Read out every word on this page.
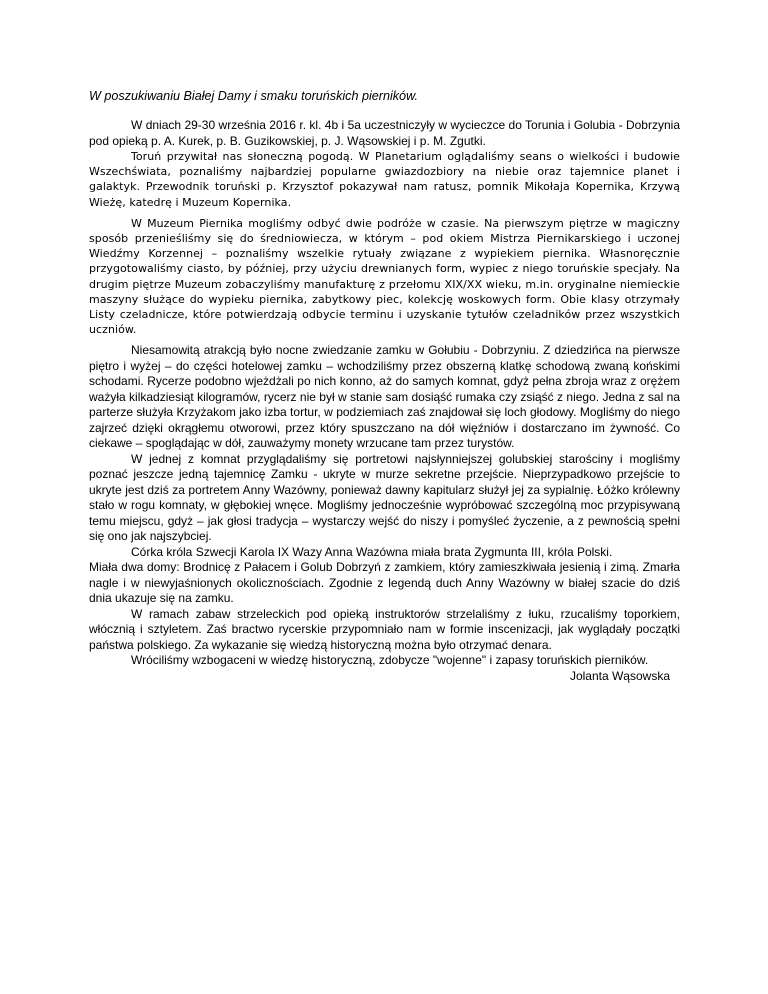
W poszukiwaniu Białej Damy i smaku toruńskich pierników.

W dniach 29-30 września 2016 r. kl. 4b i 5a uczestniczyły w wycieczce do Torunia i Golubia - Dobrzynia pod opieką p. A. Kurek, p. B. Guzikowskiej, p. J. Wąsowskiej i p. M. Zgutki.

Toruń przywitał nas słoneczną pogodą. W Planetarium oglądaliśmy seans o wielkości i budowie Wszechświata, poznaliśmy najbardziej popularne gwiazdozbiory na niebie oraz tajemnice planet i galaktyk. Przewodnik toruński p. Krzysztof pokazywał nam ratusz, pomnik Mikołaja Kopernika, Krzywą Wieżę, katedrę i Muzeum Kopernika.

W Muzeum Piernika mogliśmy odbyć dwie podróże w czasie. Na pierwszym piętrze w magiczny sposób przenieśliśmy się do średniowiecza, w którym – pod okiem Mistrza Piernikarskiego i uczonej Wiedźmy Korzennej – poznaliśmy wszelkie rytuały związane z wypiekiem piernika. Własnoręcznie przygotowaliśmy ciasto, by później, przy użyciu drewnianych form, wypiec z niego toruńskie specjały. Na drugim piętrze Muzeum zobaczyliśmy manufakturę z przełomu XIX/XX wieku, m.in. oryginalne niemieckie maszyny służące do wypieku piernika, zabytkowy piec, kolekcję woskowych form. Obie klasy otrzymały Listy czeladnicze, które potwierdzają odbycie terminu i uzyskanie tytułów czeladników przez wszystkich uczniów.

Niesamowitą atrakcją było nocne zwiedzanie zamku w Gołubiu - Dobrzyniu. Z dziedzińca na pierwsze piętro i wyżej – do części hotelowej zamku – wchodziliśmy przez obszerną klatkę schodową zwaną końskimi schodami. Rycerze podobno wjeżdżali po nich konno, aż do samych komnat, gdyż pełna zbroja wraz z orężem ważyła kilkadziesiąt kilogramów, rycerz nie był w stanie sam dosiąść rumaka czy zsiąść z niego. Jedna z sal na parterze służyła Krzyżakom jako izba tortur, w podziemiach zaś znajdował się loch głodowy. Mogliśmy do niego zajrzeć dzięki okrągłemu otworowi, przez który spuszczano na dół więźniów i dostarczano im żywność. Co ciekawe – spoglądając w dół, zauważymy monety wrzucane tam przez turystów.

W jednej z komnat przyglądaliśmy się portretowi najsłynniejszej golubskiej starościny i mogliśmy poznać jeszcze jedną tajemnicę Zamku - ukryte w murze sekretne przejście. Nieprzypadkowo przejście to ukryte jest dziś za portretem Anny Wazówny, ponieważ dawny kapitularz służył jej za sypialnię. Łóżko królewny stało w rogu komnaty, w głębokiej wnęce. Mogliśmy jednocześnie wypróbować szczególną moc przypisywaną temu miejscu, gdyż – jak głosi tradycja – wystarczy wejść do niszy i pomyśleć życzenie, a z pewnością spełni się ono jak najszybciej.

Córka króla Szwecji Karola IX Wazy Anna Wazówna miała brata Zygmunta III, króla Polski.

Miała dwa domy: Brodnicę z Pałacem i Golub Dobrzyń z zamkiem, który zamieszkiwała jesienią i zimą. Zmarła nagle i w niewyjaśnionych okolicznościach. Zgodnie z legendą duch Anny Wazówny w białej szacie do dziś dnia ukazuje się na zamku.

W ramach zabaw strzeleckich pod opieką instruktorów strzelaliśmy z łuku, rzucaliśmy toporkiem, włócznią i sztyletem. Zaś bractwo rycerskie przypomniało nam w formie inscenizacji, jak wyglądały początki państwa polskiego. Za wykazanie się wiedzą historyczną można było otrzymać denara.

Wróciliśmy wzbogaceni w wiedzę historyczną, zdobycze "wojenne" i zapasy toruńskich pierników.

Jolanta Wąsowska
